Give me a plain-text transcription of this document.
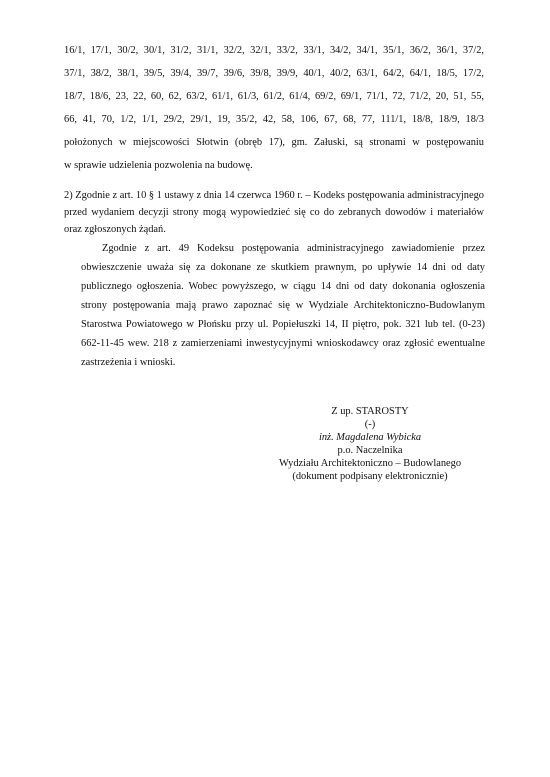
16/1, 17/1, 30/2, 30/1, 31/2, 31/1, 32/2, 32/1, 33/2, 33/1, 34/2, 34/1, 35/1, 36/2, 36/1, 37/2,
37/1, 38/2, 38/1, 39/5, 39/4, 39/7, 39/6, 39/8, 39/9, 40/1, 40/2, 63/1, 64/2, 64/1, 18/5, 17/2,
18/7, 18/6, 23, 22, 60, 62, 63/2, 61/1, 61/3, 61/2, 61/4, 69/2, 69/1, 71/1, 72, 71/2, 20, 51, 55,
66, 41, 70, 1/2, 1/1, 29/2, 29/1, 19, 35/2, 42, 58, 106, 67, 68, 77, 111/1, 18/8, 18/9, 18/3
położonych w miejscowości Słotwin (obręb 17), gm. Załuski, są stronami w postępowaniu
w sprawie udzielenia pozwolenia na budowę.
2) Zgodnie z art. 10 § 1 ustawy z dnia 14 czerwca 1960 r. – Kodeks postępowania administracyjnego przed wydaniem decyzji strony mogą wypowiedzieć się co do zebranych dowodów i materiałów oraz zgłoszonych żądań.
Zgodnie z art. 49 Kodeksu postępowania administracyjnego zawiadomienie przez obwieszczenie uważa się za dokonane ze skutkiem prawnym, po upływie 14 dni od daty publicznego ogłoszenia. Wobec powyższego, w ciągu 14 dni od daty dokonania ogłoszenia strony postępowania mają prawo zapoznać się w Wydziale Architektoniczno-Budowlanym Starostwa Powiatowego w Płońsku przy ul. Popiełuszki 14, II piętro, pok. 321 lub tel. (0-23) 662-11-45 wew. 218 z zamierzeniami inwestycyjnymi wnioskodawcy oraz zgłosić ewentualne zastrzeżenia i wnioski.
Z up. STAROSTY
(-)
inż. Magdalena Wybicka
p.o. Naczelnika
Wydziału Architektoniczno – Budowlanego
(dokument podpisany elektronicznie)
